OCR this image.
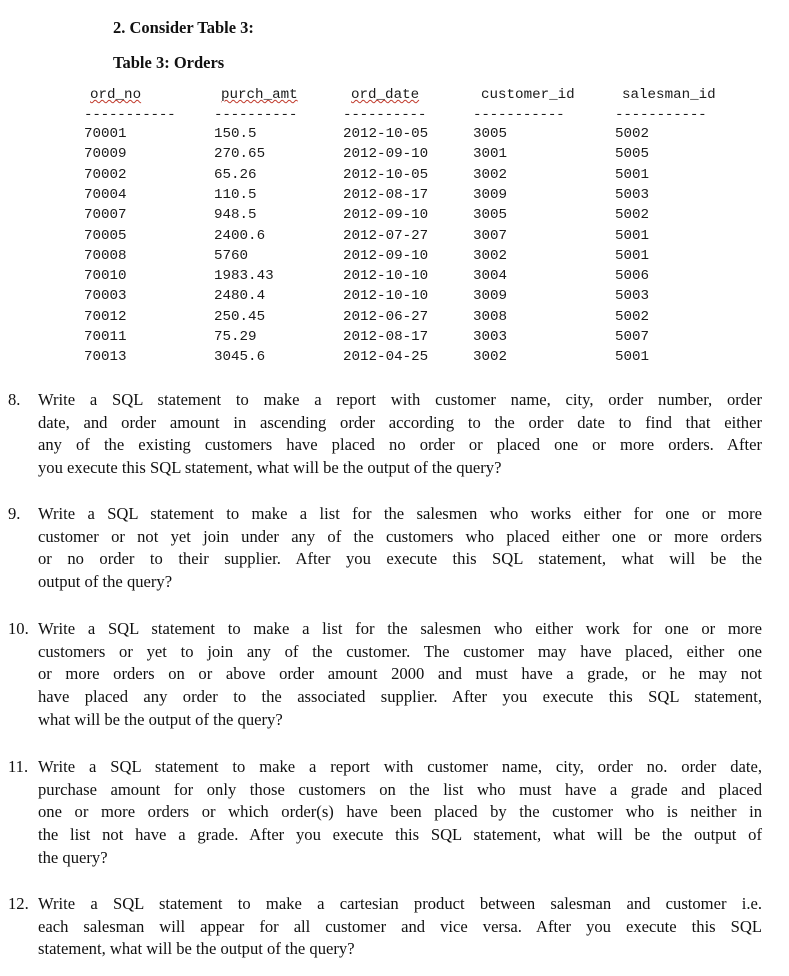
2. Consider Table 3:
Table 3: Orders
ord_no	purch_amt	ord_date	customer_id	salesman_id
-----------	----------	----------	-----------	-----------
70001	150.5	2012-10-05	3005	5002
70009	270.65	2012-09-10	3001	5005
70002	65.26	2012-10-05	3002	5001
70004	110.5	2012-08-17	3009	5003
70007	948.5	2012-09-10	3005	5002
70005	2400.6	2012-07-27	3007	5001
70008	5760	2012-09-10	3002	5001
70010	1983.43	2012-10-10	3004	5006
70003	2480.4	2012-10-10	3009	5003
70012	250.45	2012-06-27	3008	5002
70011	75.29	2012-08-17	3003	5007
70013	3045.6	2012-04-25	3002	5001
8. Write a SQL statement to make a report with customer name, city, order number, order
date, and order amount in ascending order according to the order date to find that either
any of the existing customers have placed no order or placed one or more orders. After
you execute this SQL statement, what will be the output of the query?
9. Write a SQL statement to make a list for the salesmen who works either for one or more
customer or not yet join under any of the customers who placed either one or more orders
or no order to their supplier. After you execute this SQL statement, what will be the
output of the query?
10. Write a SQL statement to make a list for the salesmen who either work for one or more
customers or yet to join any of the customer. The customer may have placed, either one
or more orders on or above order amount 2000 and must have a grade, or he may not
have placed any order to the associated supplier. After you execute this SQL statement,
what will be the output of the query?
11. Write a SQL statement to make a report with customer name, city, order no. order date,
purchase amount for only those customers on the list who must have a grade and placed
one or more orders or which order(s) have been placed by the customer who is neither in
the list not have a grade. After you execute this SQL statement, what will be the output of
the query?
12. Write a SQL statement to make a cartesian product between salesman and customer i.e.
each salesman will appear for all customer and vice versa. After you execute this SQL
statement, what will be the output of the query?
